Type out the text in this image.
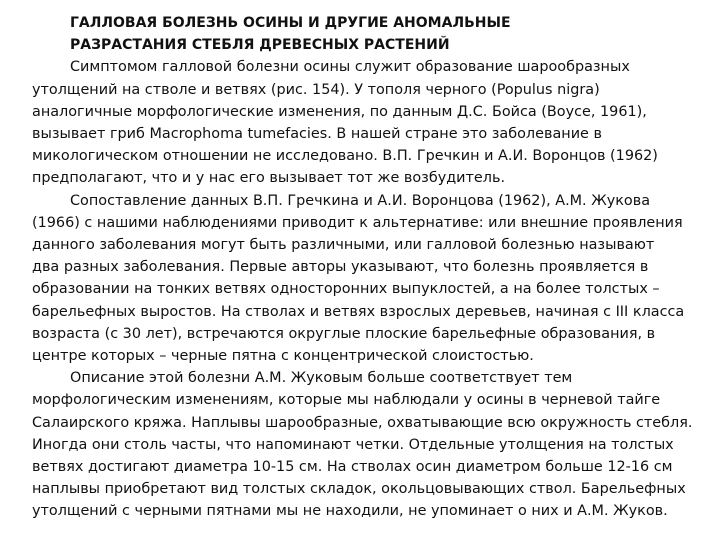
ГАЛЛОВАЯ БОЛЕЗНЬ ОСИНЫ И ДРУГИЕ АНОМАЛЬНЫЕ
РАЗРАСТАНИЯ СТЕБЛЯ ДРЕВЕСНЫХ РАСТЕНИЙ
Симптомом галловой болезни осины служит образование шарообразных
утолщений на стволе и ветвях (рис. 154). У тополя черного (Populus nigra)
аналогичные морфологические изменения, по данным Д.С. Бойса (Boyce, 1961),
вызывает гриб Macrophoma tumefacies. В нашей стране это заболевание в
микологическом отношении не исследовано. В.П. Гречкин и А.И. Воронцов (1962)
предполагают, что и у нас его вызывает тот же возбудитель.
Сопоставление данных В.П. Гречкина и А.И. Воронцова (1962), А.М. Жукова
(1966) с нашими наблюдениями приводит к альтернативе: или внешние проявления
данного заболевания могут быть различными, или галловой болезнью называют
два разных заболевания. Первые авторы указывают, что болезнь проявляется в
образовании на тонких ветвях односторонних выпуклостей, а на более толстых –
барельефных выростов. На стволах и ветвях взрослых деревьев, начиная с III класса
возраста (с 30 лет), встречаются округлые плоские барельефные образования, в
центре которых – черные пятна с концентрической слоистостью.
Описание этой болезни А.М. Жуковым больше соответствует тем
морфологическим изменениям, которые мы наблюдали у осины в черневой тайге
Салаирского кряжа. Наплывы шарообразные, охватывающие всю окружность стебля.
Иногда они столь часты, что напоминают четки. Отдельные утолщения на толстых
ветвях достигают диаметра 10-15 см. На стволах осин диаметром больше 12-16 см
наплывы приобретают вид толстых складок, окольцовывающих ствол. Барельефных
утолщений с черными пятнами мы не находили, не упоминает о них и А.М. Жуков.
